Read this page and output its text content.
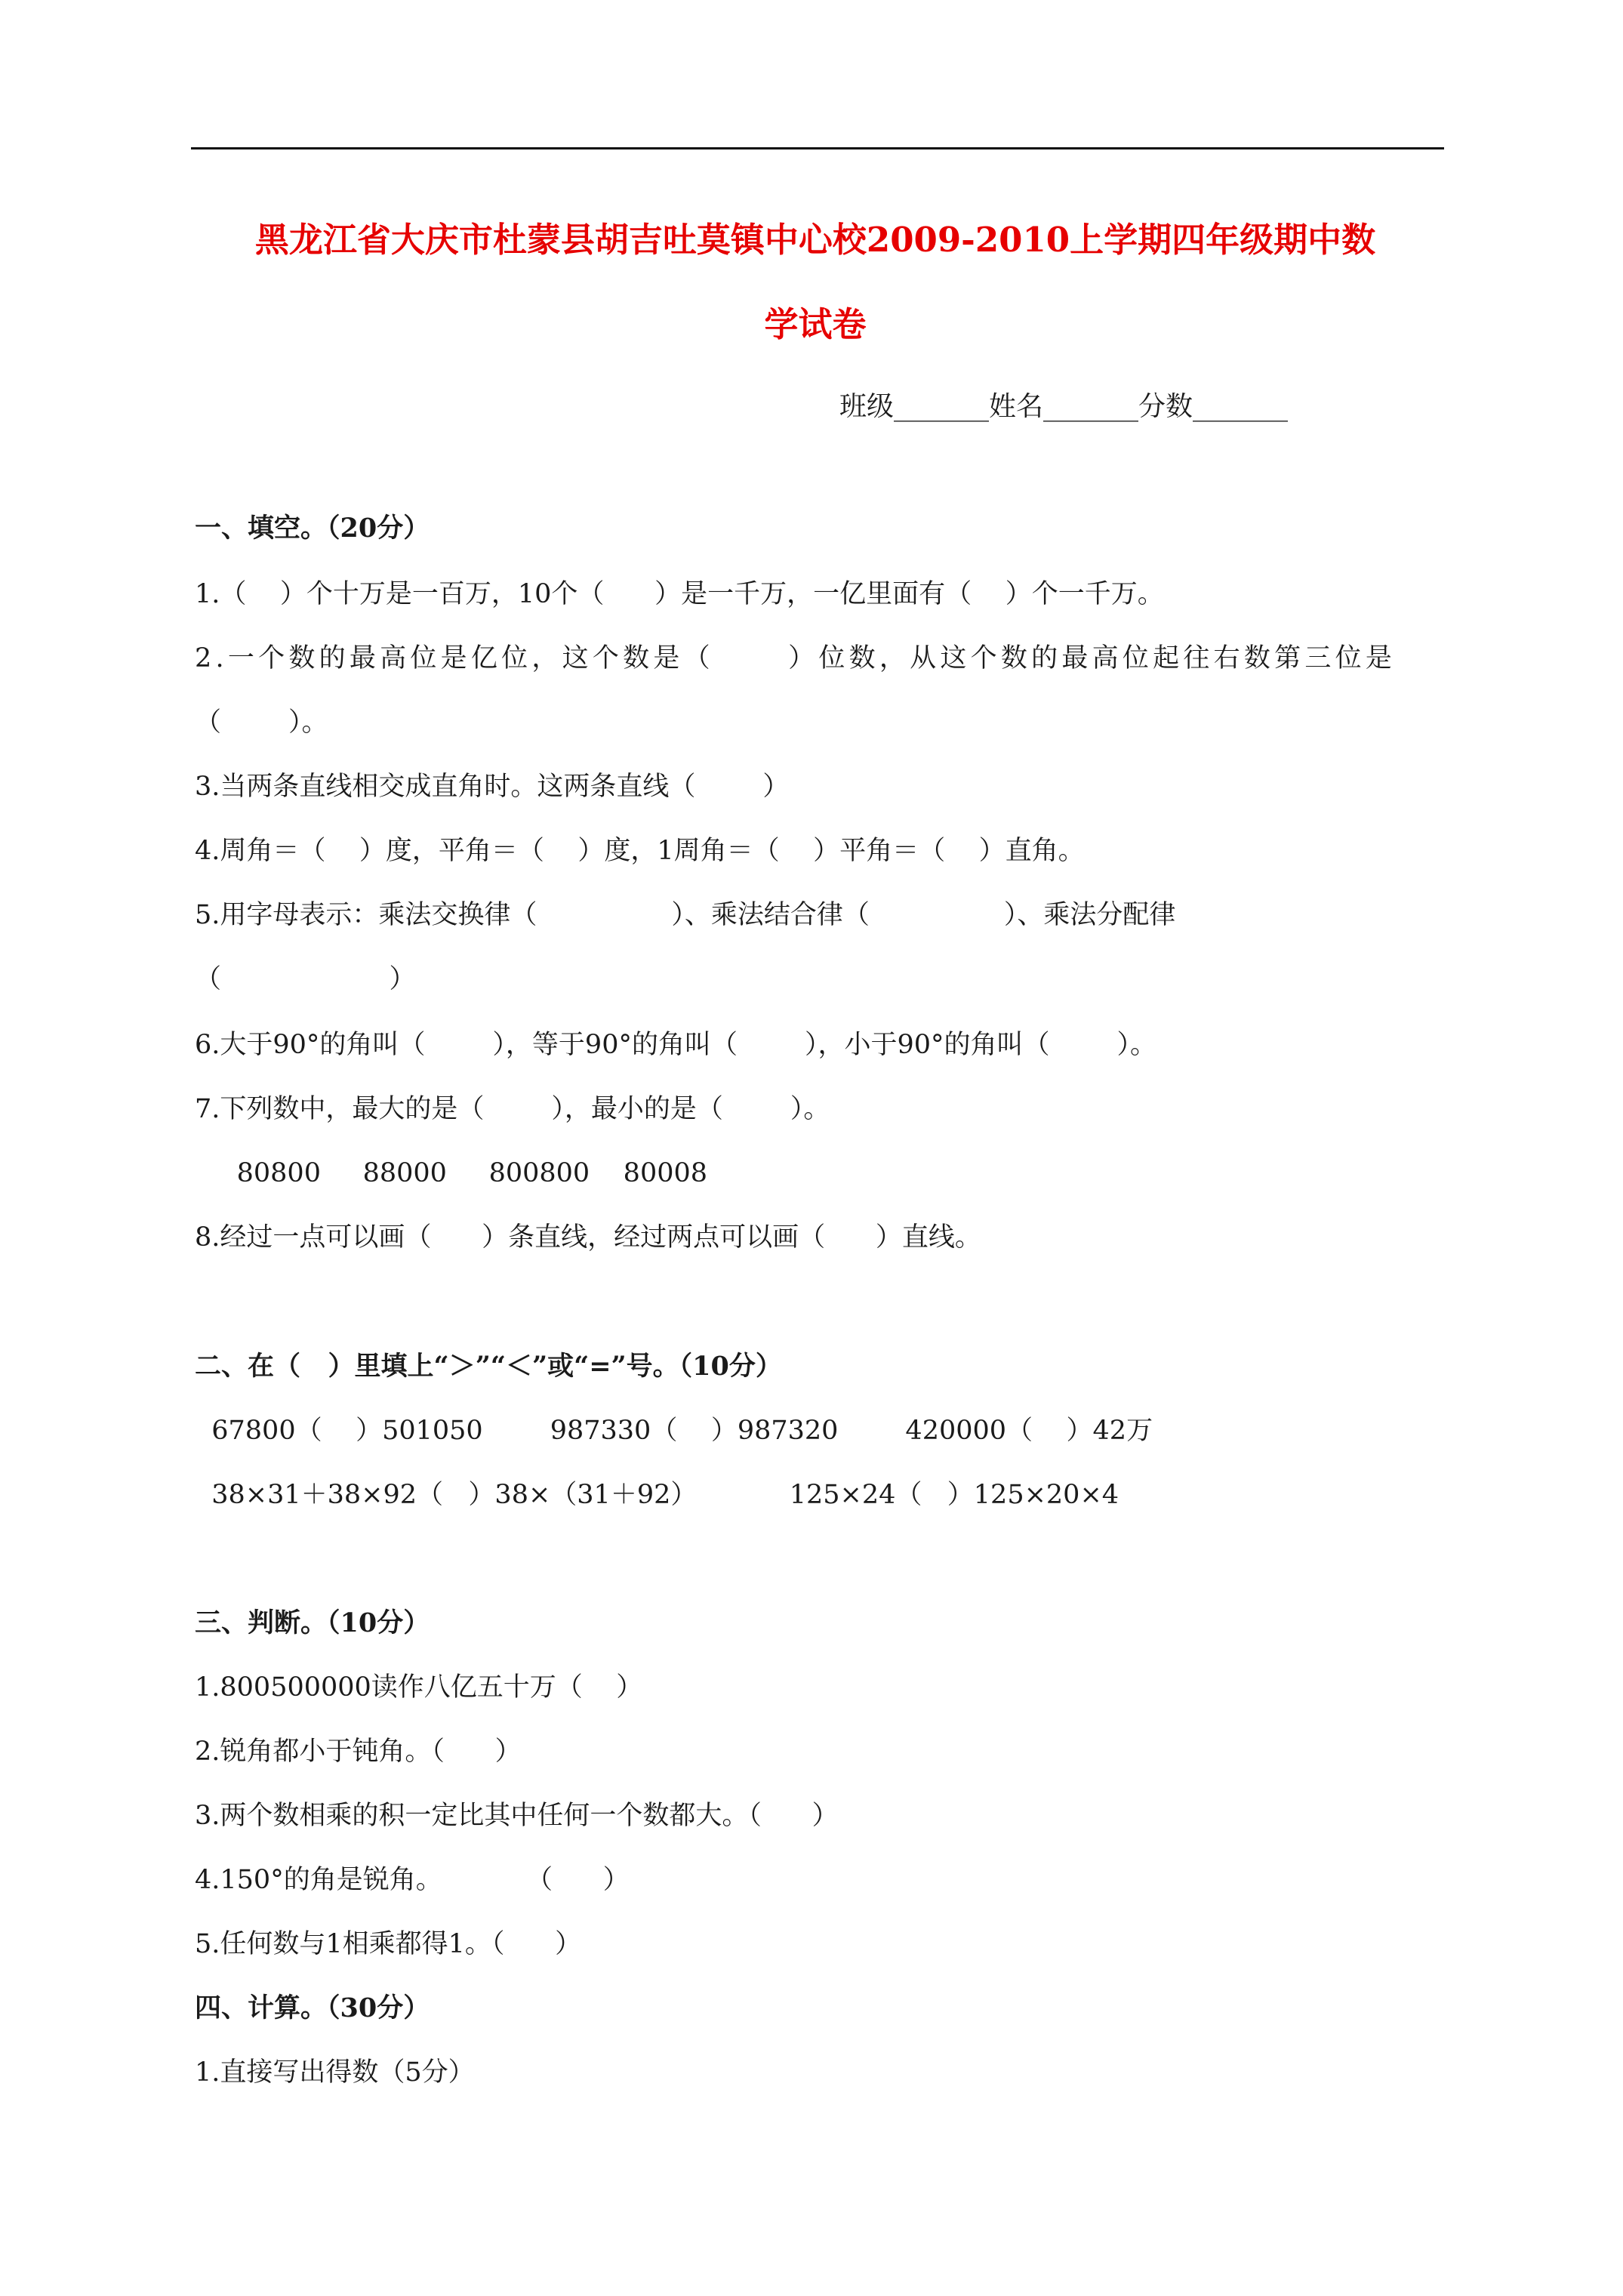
黑龙江省大庆市杜蒙县胡吉吐莫镇中心校2009-2010上学期四年级期中数
学试卷
班级_______姓名_______分数_______
一、填空。（20分）
1.（    ）个十万是一百万，10个（      ）是一千万，一亿里面有（    ）个一千万。
2.一个数的最高位是亿位，这个数是（      ）位数，从这个数的最高位起往右数第三位是
（        ）。
3.当两条直线相交成直角时。这两条直线（        ）
4.周角＝（    ）度，平角＝（    ）度，1周角＝（    ）平角＝（    ）直角。
5.用字母表示：乘法交换律（                ）、乘法结合律（                ）、乘法分配律
（                    ）
6.大于90°的角叫（        ），等于90°的角叫（        ），小于90°的角叫（        ）。
7.下列数中，最大的是（        ），最小的是（        ）。
80800     88000     800800    80008
8.经过一点可以画（      ）条直线，经过两点可以画（      ）直线。
二、在（   ）里填上“＞”“＜”或“=”号。（10分）
67800（    ）501050        987330（    ）987320        420000（    ）42万
38×31＋38×92（   ）38×（31＋92）           125×24（   ）125×20×4
三、判断。（10分）
1.800500000读作八亿五十万（    ）
2.锐角都小于钝角。（      ）
3.两个数相乘的积一定比其中任何一个数都大。（      ）
4.150°的角是锐角。          （      ）
5.任何数与1相乘都得1。（      ）
四、计算。（30分）
1.直接写出得数（5分）
